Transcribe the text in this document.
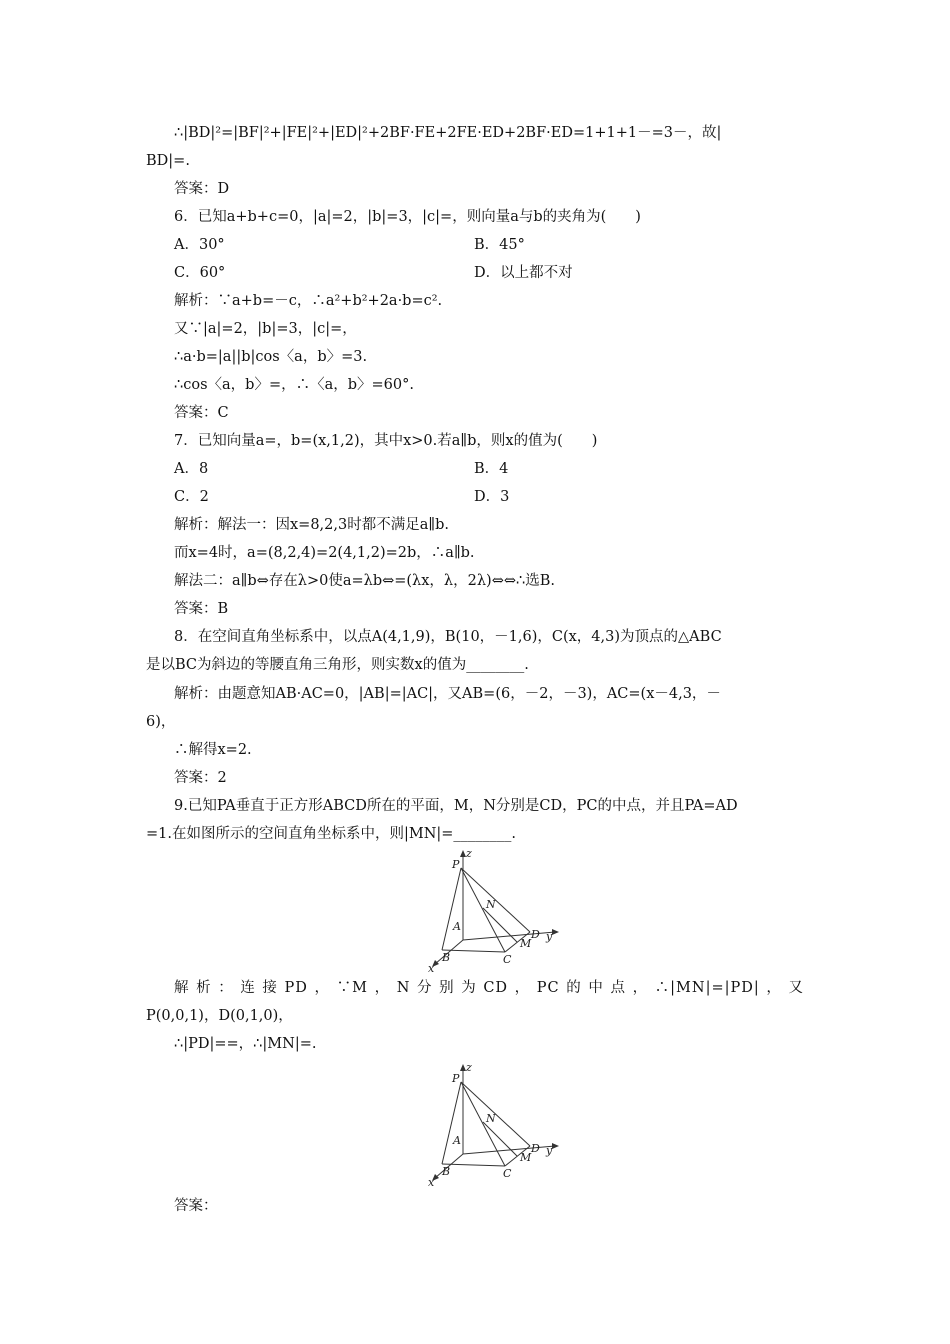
∴|BD|²=|BF|²+|FE|²+|ED|²+2BF·FE+2FE·ED+2BF·ED=1+1+1－=3－，故|
BD|=.
答案：D
6．已知a+b+c=0，|a|=2，|b|=3，|c|=，则向量a与b的夹角为(　　)
A．30°	B．45°
C．60°	D．以上都不对
解析：∵a+b=－c，∴a²+b²+2a·b=c².
又∵|a|=2，|b|=3，|c|=，
∴a·b=|a||b|cos〈a，b〉=3.
∴cos〈a，b〉=，∴〈a，b〉=60°.
答案：C
7．已知向量a=，b=(x,1,2)，其中x>0.若a∥b，则x的值为(　　)
A．8	B．4
C．2	D．3
解析：解法一：因x=8,2,3时都不满足a∥b.
而x=4时，a=(8,2,4)=2(4,1,2)=2b，∴a∥b.
解法二：a∥b⇔存在λ>0使a=λb⇔=(λx，λ，2λ)⇔⇔∴选B.
答案：B
8．在空间直角坐标系中，以点A(4,1,9)，B(10，－1,6)，C(x，4,3)为顶点的△ABC
是以BC为斜边的等腰直角三角形，则实数x的值为________.
解析：由题意知AB·AC=0，|AB|=|AC|，又AB=(6，－2，－3)，AC=(x－4,3，－
6)，
∴解得x=2.
答案：2
9.已知PA垂直于正方形ABCD所在的平面，M，N分别是CD，PC的中点，并且PA=AD
=1.在如图所示的空间直角坐标系中，则|MN|=________.
z
P
N
A
D y
M
B	C
x
解析：连接PD，∵M，N分别为CD，PC的中点，∴|MN|=|PD|，又
P(0,0,1)，D(0,1,0)，
∴|PD|==，∴|MN|=.
z
P
N
A
D y
M
B	C
x
答案：
